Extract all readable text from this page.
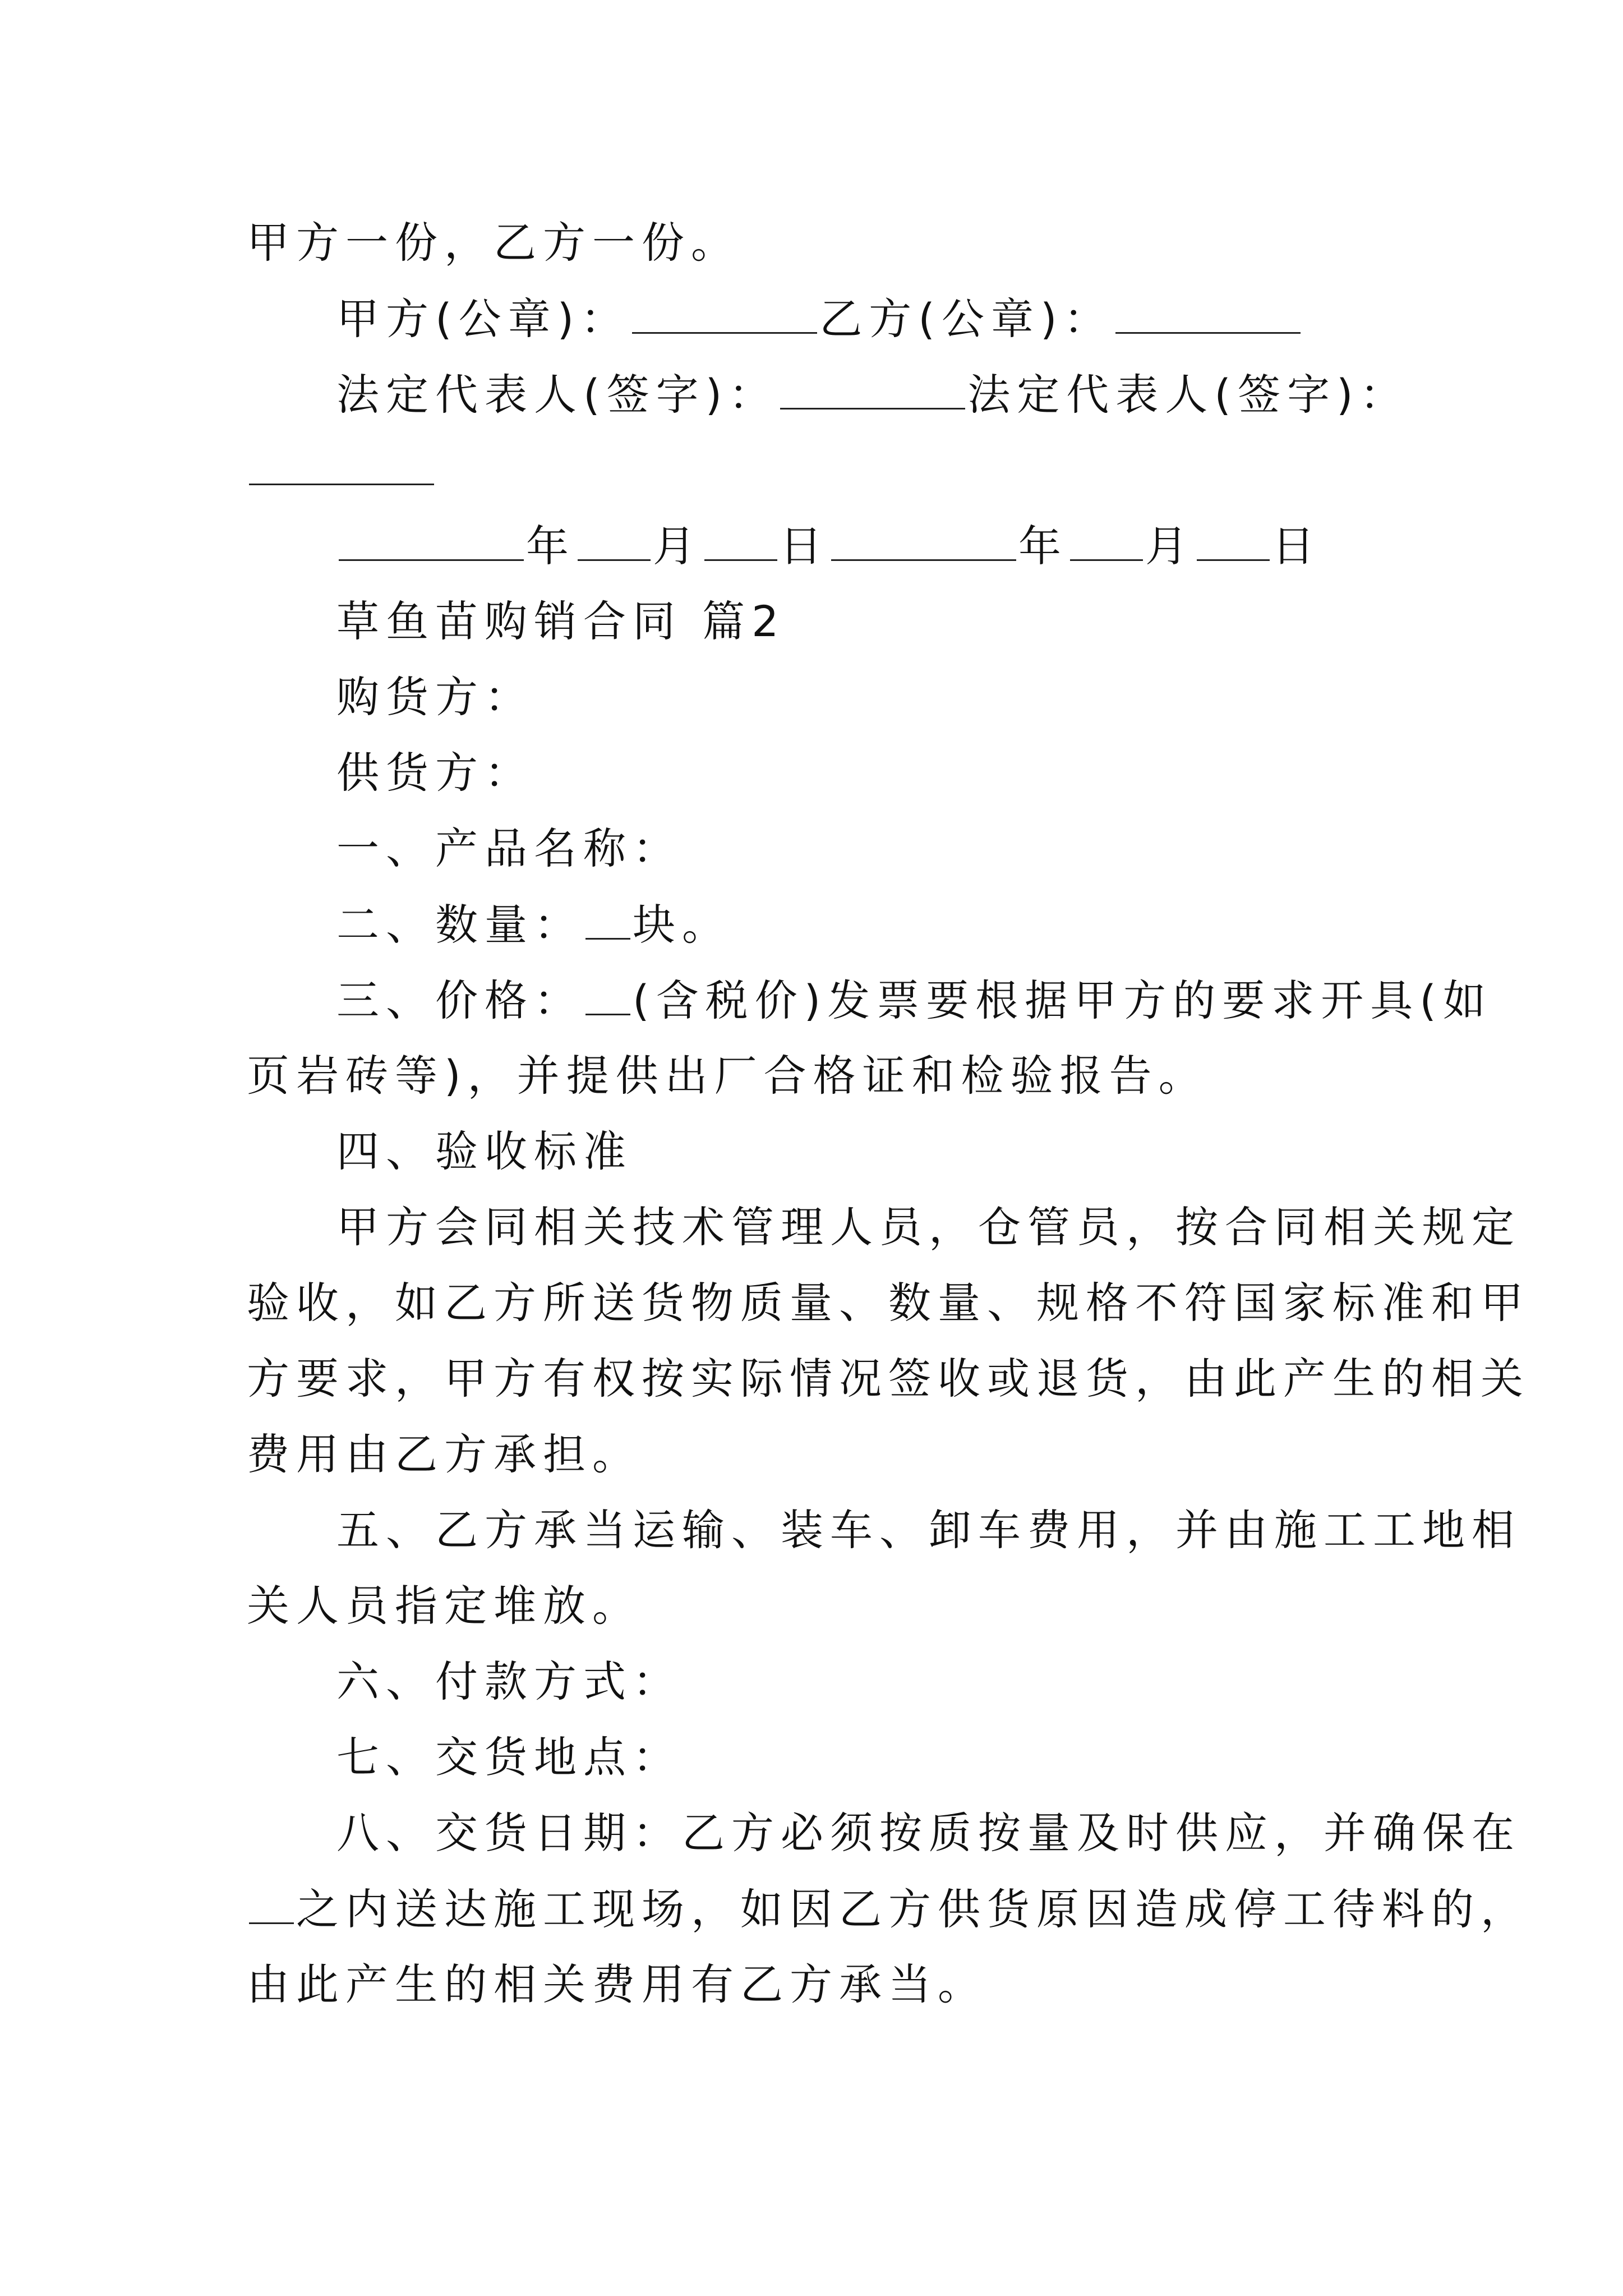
甲方一份，乙方一份。
甲方(公章)：	乙方(公章)：
法定代表人(签字)：	法定代表人(签字)：
年 月 日	年 月 日
草鱼苗购销合同 篇2
购货方：
供货方：
一、产品名称：
二、数量： 块。
三、价格： (含税价)发票要根据甲方的要求开具(如
页岩砖等)，并提供出厂合格证和检验报告。
四、验收标准
甲方会同相关技术管理人员，仓管员，按合同相关规定
验收，如乙方所送货物质量、数量、规格不符国家标准和甲
方要求，甲方有权按实际情况签收或退货，由此产生的相关
费用由乙方承担。
五、乙方承当运输、装车、卸车费用，并由施工工地相
关人员指定堆放。
六、付款方式：
七、交货地点：
八、交货日期：乙方必须按质按量及时供应，并确保在
之内送达施工现场，如因乙方供货原因造成停工待料的，
由此产生的相关费用有乙方承当。
